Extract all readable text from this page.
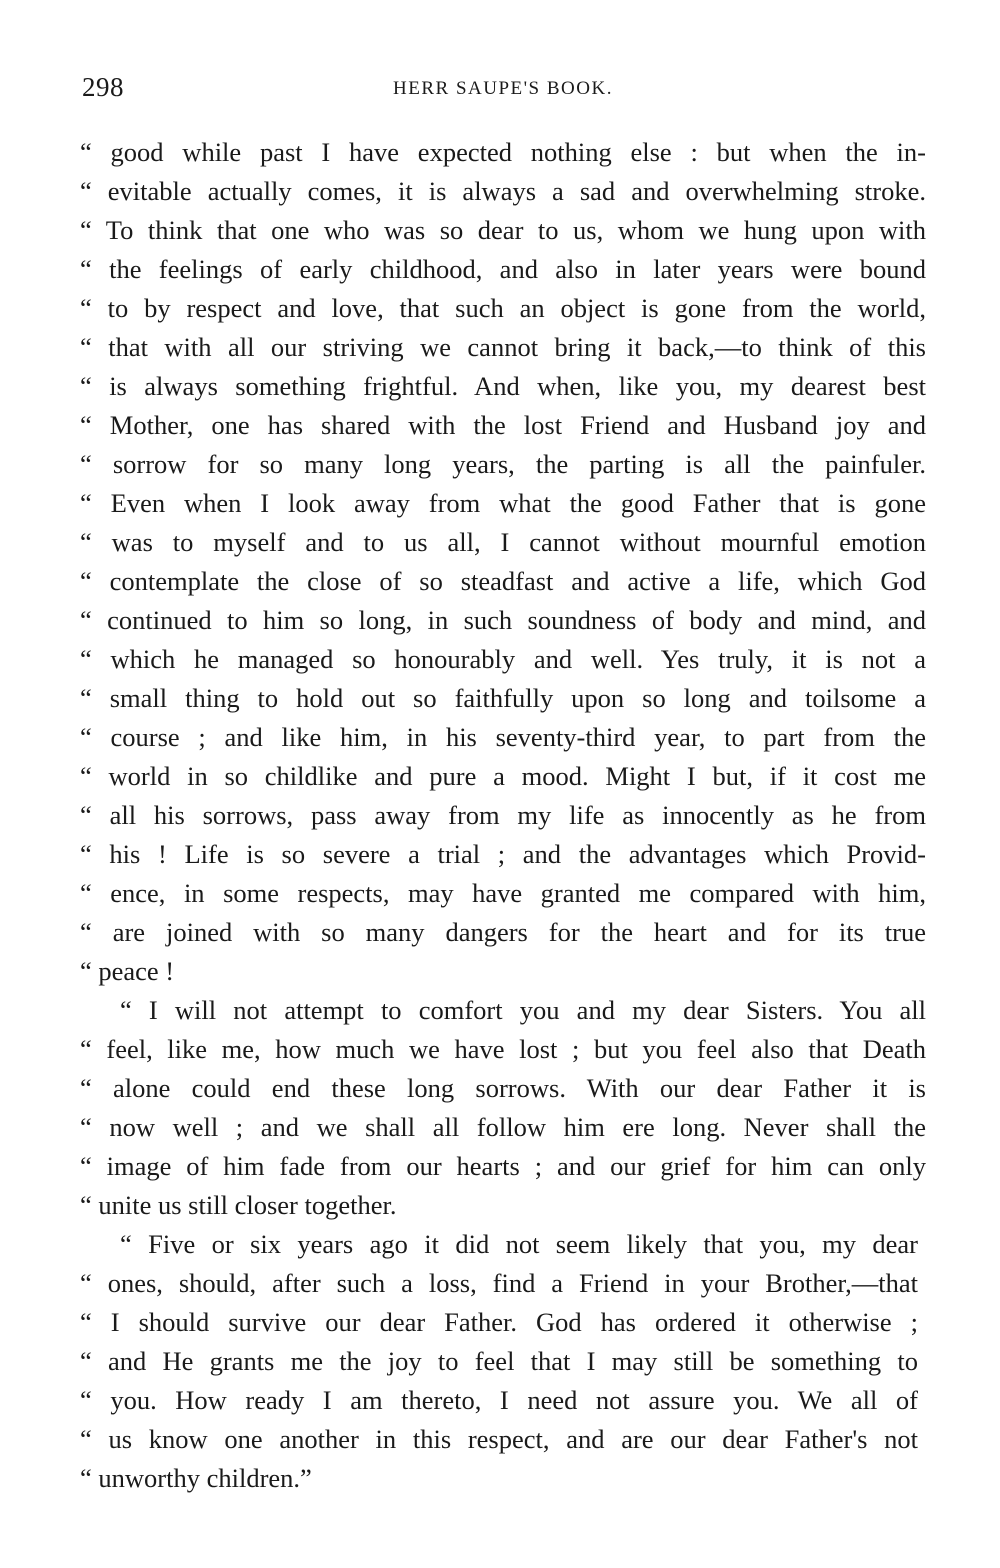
298	HERR SAUPE'S BOOK.
“ good while past I have expected nothing else : but when the in-
“ evitable actually comes, it is always a sad and overwhelming stroke.
“ To think that one who was so dear to us, whom we hung upon with
“ the feelings of early childhood, and also in later years were bound
“ to by respect and love, that such an object is gone from the world,
“ that with all our striving we cannot bring it back,—to think of this
“ is always something frightful. And when, like you, my dearest best
“ Mother, one has shared with the lost Friend and Husband joy and
“ sorrow for so many long years, the parting is all the painfuler.
“ Even when I look away from what the good Father that is gone
“ was to myself and to us all, I cannot without mournful emotion
“ contemplate the close of so steadfast and active a life, which God
“ continued to him so long, in such soundness of body and mind, and
“ which he managed so honourably and well. Yes truly, it is not a
“ small thing to hold out so faithfully upon so long and toilsome a
“ course ; and like him, in his seventy-third year, to part from the
“ world in so childlike and pure a mood. Might I but, if it cost me
“ all his sorrows, pass away from my life as innocently as he from
“ his ! Life is so severe a trial ; and the advantages which Provid-
“ ence, in some respects, may have granted me compared with him,
“ are joined with so many dangers for the heart and for its true
“ peace !
“ I will not attempt to comfort you and my dear Sisters. You all
“ feel, like me, how much we have lost ; but you feel also that Death
“ alone could end these long sorrows. With our dear Father it is
“ now well ; and we shall all follow him ere long. Never shall the
“ image of him fade from our hearts ; and our grief for him can only
“ unite us still closer together.
“ Five or six years ago it did not seem likely that you, my dear
“ ones, should, after such a loss, find a Friend in your Brother,—that
“ I should survive our dear Father. God has ordered it otherwise ;
“ and He grants me the joy to feel that I may still be something to
“ you. How ready I am thereto, I need not assure you. We all of
“ us know one another in this respect, and are our dear Father's not
“ unworthy children.”
